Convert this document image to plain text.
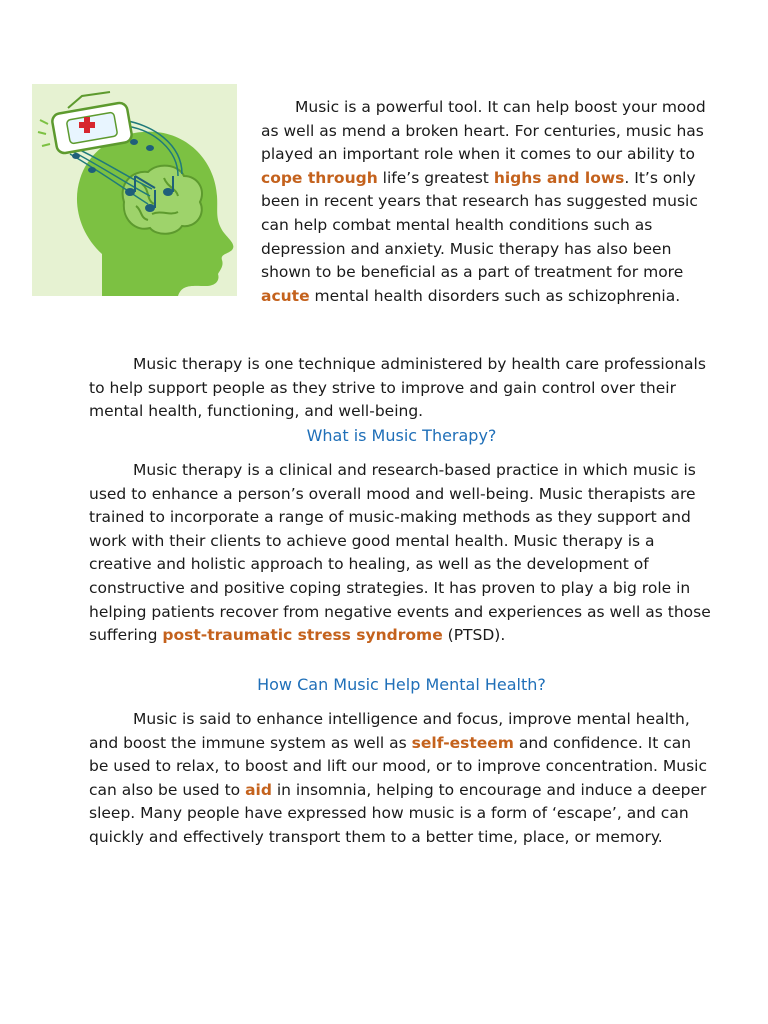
Music is a powerful tool. It can help boost your mood as well as mend a broken heart. For centuries, music has played an important role when it comes to our ability to cope through life’s greatest highs and lows. It’s only been in recent years that research has suggested music can help combat mental health conditions such as depression and anxiety. Music therapy has also been shown to be beneficial as a part of treatment for more acute mental health disorders such as schizophrenia.

Music therapy is one technique administered by health care professionals to help support people as they strive to improve and gain control over their mental health, functioning, and well-being.

What is Music Therapy?

Music therapy is a clinical and research-based practice in which music is used to enhance a person’s overall mood and well-being. Music therapists are trained to incorporate a range of music-making methods as they support and work with their clients to achieve good mental health. Music therapy is a creative and holistic approach to healing, as well as the development of constructive and positive coping strategies. It has proven to play a big role in helping patients recover from negative events and experiences as well as those suffering post-traumatic stress syndrome (PTSD).

How Can Music Help Mental Health?

Music is said to enhance intelligence and focus, improve mental health, and boost the immune system as well as self-esteem and confidence. It can be used to relax, to boost and lift our mood, or to improve concentration. Music can also be used to aid in insomnia, helping to encourage and induce a deeper sleep. Many people have expressed how music is a form of ‘escape’, and can quickly and effectively transport them to a better time, place, or memory.
